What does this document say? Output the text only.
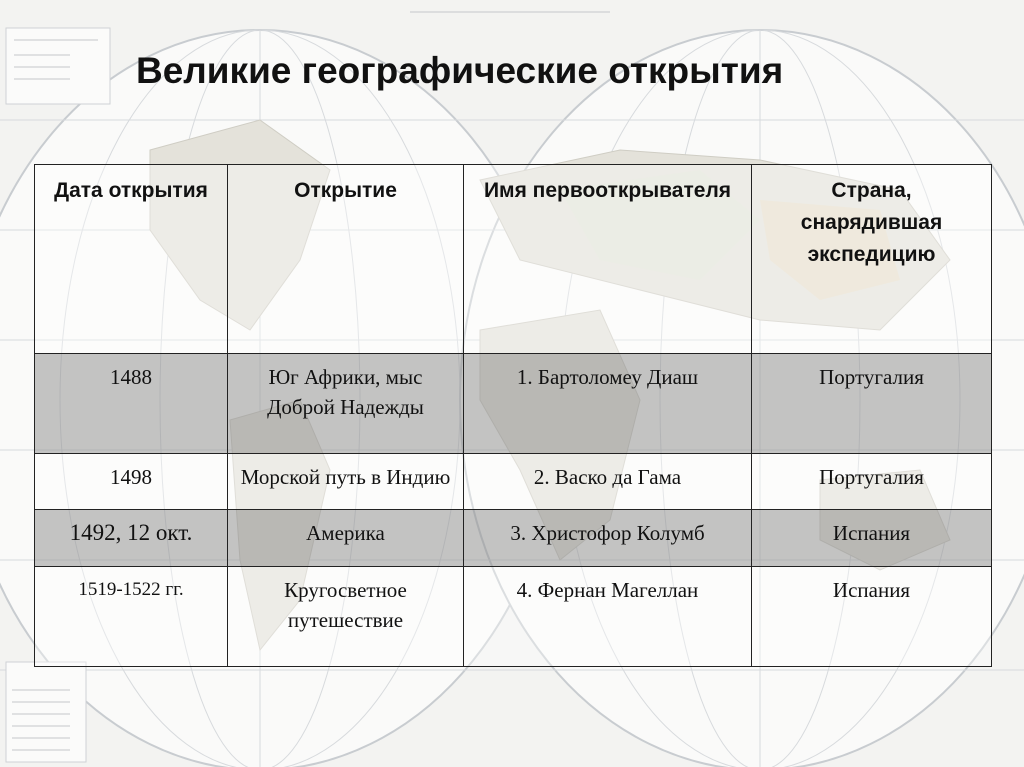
Великие географические открытия
Дата открытия	Открытие	Имя первооткрывателя	Страна, снарядившая экспедицию
1488	Юг Африки, мыс Доброй Надежды	1. Бартоломеу Диаш	Португалия
1498	Морской путь в Индию	2. Васко да Гама	Португалия
1492, 12 окт.	Америка	3. Христофор Колумб	Испания
1519-1522 гг.	Кругосветное путешествие	4. Фернан Магеллан	Испания
